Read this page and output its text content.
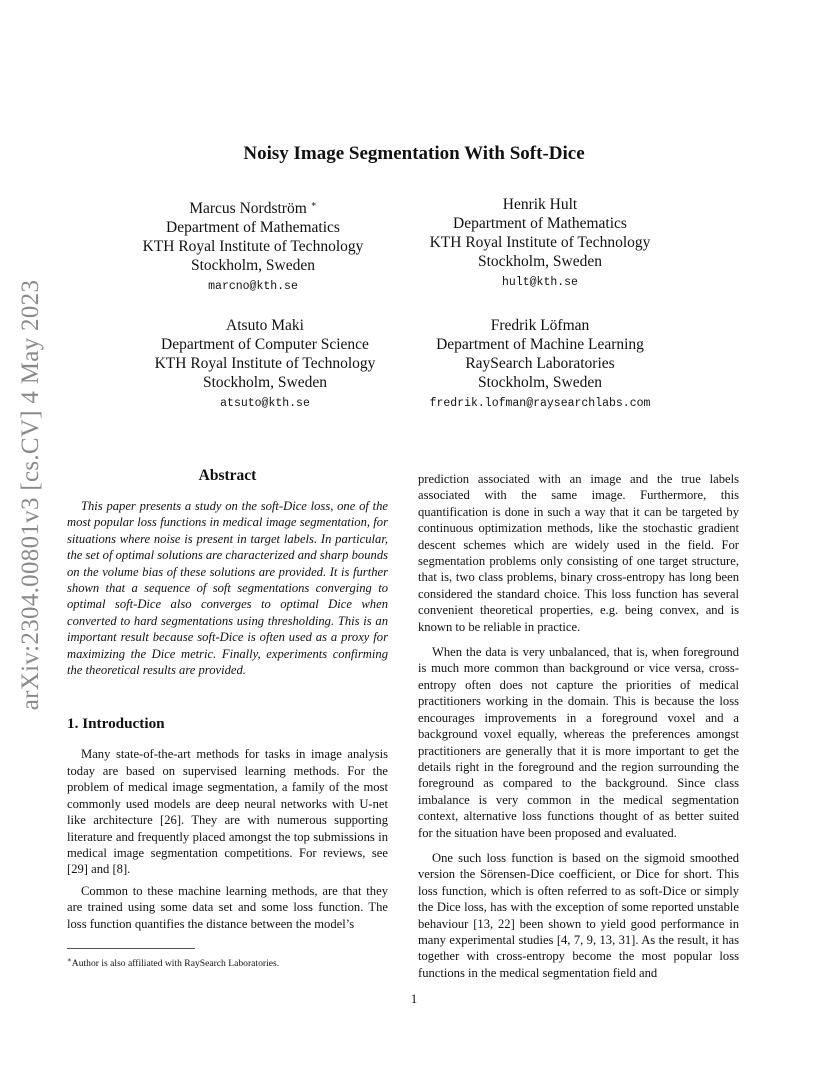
arXiv:2304.00801v3 [cs.CV] 4 May 2023
Noisy Image Segmentation With Soft-Dice
Marcus Nordström ∗
Department of Mathematics
KTH Royal Institute of Technology
Stockholm, Sweden
marcno@kth.se
Henrik Hult
Department of Mathematics
KTH Royal Institute of Technology
Stockholm, Sweden
hult@kth.se
Atsuto Maki
Department of Computer Science
KTH Royal Institute of Technology
Stockholm, Sweden
atsuto@kth.se
Fredrik Löfman
Department of Machine Learning
RaySearch Laboratories
Stockholm, Sweden
fredrik.lofman@raysearchlabs.com
Abstract
This paper presents a study on the soft-Dice loss, one of the most popular loss functions in medical image segmentation, for situations where noise is present in target labels. In particular, the set of optimal solutions are characterized and sharp bounds on the volume bias of these solutions are provided. It is further shown that a sequence of soft segmentations converging to optimal soft-Dice also converges to optimal Dice when converted to hard segmentations using thresholding. This is an important result because soft-Dice is often used as a proxy for maximizing the Dice metric. Finally, experiments confirming the theoretical results are provided.
1. Introduction

Many state-of-the-art methods for tasks in image analysis today are based on supervised learning methods. For the problem of medical image segmentation, a family of the most commonly used models are deep neural networks with U-net like architecture [26]. They are with numerous supporting literature and frequently placed amongst the top submissions in medical image segmentation competitions. For reviews, see [29] and [8].

Common to these machine learning methods, are that they are trained using some data set and some loss function. The loss function quantifies the distance between the model’s

prediction associated with an image and the true labels associated with the same image. Furthermore, this quantification is done in such a way that it can be targeted by continuous optimization methods, like the stochastic gradient descent schemes which are widely used in the field. For segmentation problems only consisting of one target structure, that is, two class problems, binary cross-entropy has long been considered the standard choice. This loss function has several convenient theoretical properties, e.g. being convex, and is known to be reliable in practice.

When the data is very unbalanced, that is, when foreground is much more common than background or vice versa, cross-entropy often does not capture the priorities of medical practitioners working in the domain. This is because the loss encourages improvements in a foreground voxel and a background voxel equally, whereas the preferences amongst practitioners are generally that it is more important to get the details right in the foreground and the region surrounding the foreground as compared to the background. Since class imbalance is very common in the medical segmentation context, alternative loss functions thought of as better suited for the situation have been proposed and evaluated.

One such loss function is based on the sigmoid smoothed version the Sörensen-Dice coefficient, or Dice for short. This loss function, which is often referred to as soft-Dice or simply the Dice loss, has with the exception of some reported unstable behaviour [13, 22] been shown to yield good performance in many experimental studies [4, 7, 9, 13, 31]. As the result, it has together with cross-entropy become the most popular loss functions in the medical segmentation field and

∗Author is also affiliated with RaySearch Laboratories.
1
